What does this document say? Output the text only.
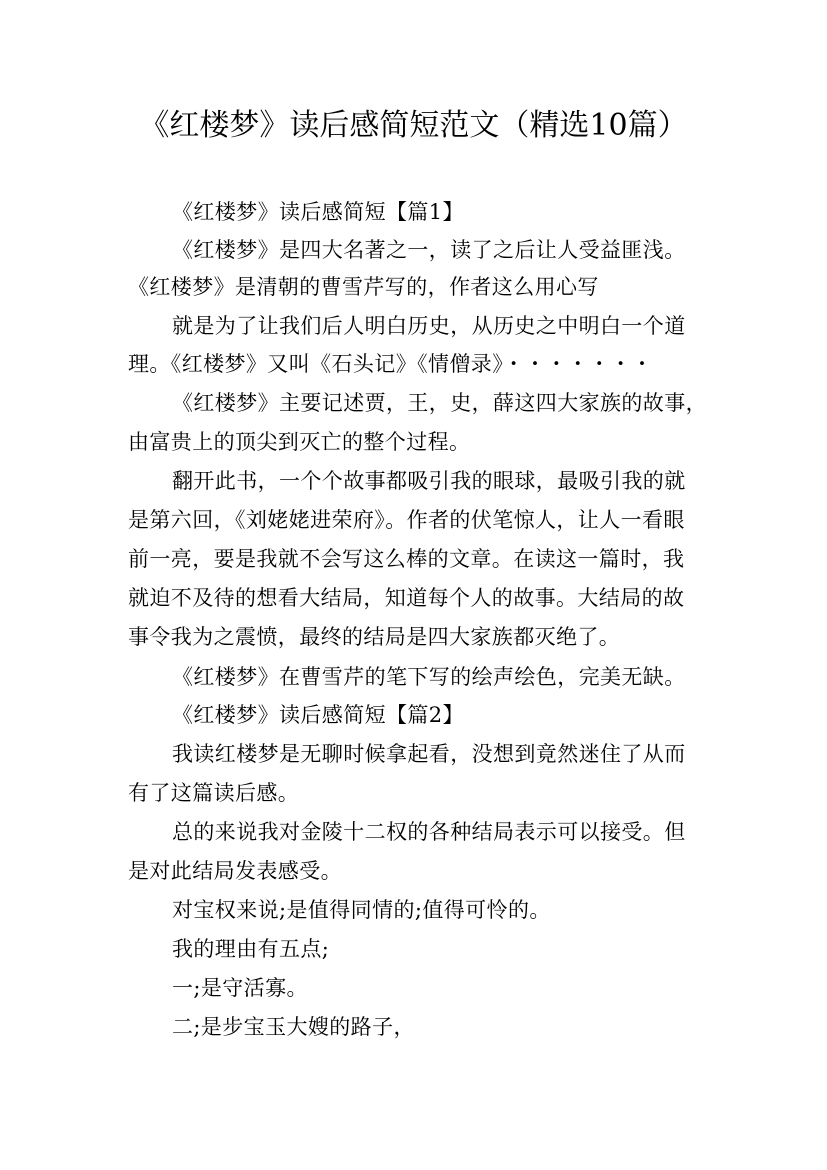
《红楼梦》读后感简短范文（精选10篇）
《红楼梦》读后感简短【篇1】
《红楼梦》是四大名著之一，读了之后让人受益匪浅。
《红楼梦》是清朝的曹雪芹写的，作者这么用心写
就是为了让我们后人明白历史，从历史之中明白一个道
理。《红楼梦》又叫《石头记》《情僧录》・・・・・・・
《红楼梦》主要记述贾，王，史，薛这四大家族的故事，
由富贵上的顶尖到灭亡的整个过程。
翻开此书，一个个故事都吸引我的眼球，最吸引我的就
是第六回，《刘姥姥进荣府》。作者的伏笔惊人，让人一看眼
前一亮，要是我就不会写这么棒的文章。在读这一篇时，我
就迫不及待的想看大结局，知道每个人的故事。大结局的故
事令我为之震愤，最终的结局是四大家族都灭绝了。
《红楼梦》在曹雪芹的笔下写的绘声绘色，完美无缺。
《红楼梦》读后感简短【篇2】
我读红楼梦是无聊时候拿起看，没想到竟然迷住了从而
有了这篇读后感。
总的来说我对金陵十二权的各种结局表示可以接受。但
是对此结局发表感受。
对宝权来说;是值得同情的;值得可怜的。
我的理由有五点;
一;是守活寡。
二;是步宝玉大嫂的路子，
